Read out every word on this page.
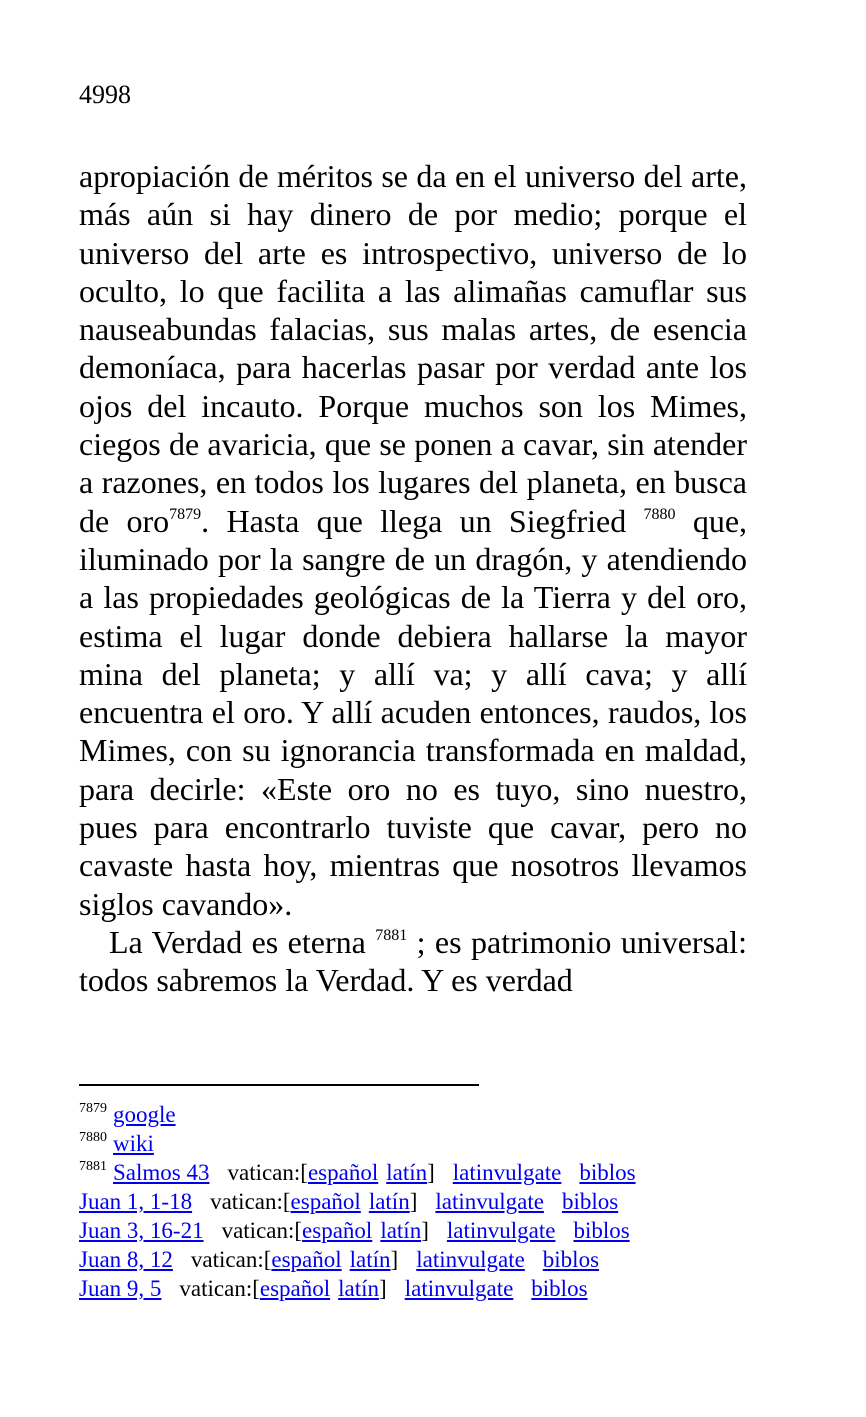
4998

apropiación de méritos se da en el universo del arte, más aún si hay dinero de por medio; porque el universo del arte es introspectivo, universo de lo oculto, lo que facilita a las alimañas camuflar sus nauseabundas falacias, sus malas artes, de esencia demoníaca, para hacerlas pasar por verdad ante los ojos del incauto. Porque muchos son los Mimes, ciegos de avaricia, que se ponen a cavar, sin atender a razones, en todos los lugares del planeta, en busca de oro$^{7879}$. Hasta que llega un Siegfried $^{7880}$ que, iluminado por la sangre de un dragón, y atendiendo a las propiedades geológicas de la Tierra y del oro, estima el lugar donde debiera hallarse la mayor mina del planeta; y allí va; y allí cava; y allí encuentra el oro. Y allí acuden entonces, raudos, los Mimes, con su ignorancia transformada en maldad, para decirle: «Este oro no es tuyo, sino nuestro, pues para encontrarlo tuviste que cavar, pero no cavaste hasta hoy, mientras que nosotros llevamos siglos cavando».

La Verdad es eterna $^{7881}$ ; es patrimonio universal: todos sabremos la Verdad. Y es verdad

$^{7879}$ google
$^{7880}$ wiki
$^{7881}$ Salmos 43 vatican:[español latín] latinvulgate biblos
Juan 1, 1-18 vatican:[español latín] latinvulgate biblos
Juan 3, 16-21 vatican:[español latín] latinvulgate biblos
Juan 8, 12 vatican:[español latín] latinvulgate biblos
Juan 9, 5 vatican:[español latín] latinvulgate biblos
